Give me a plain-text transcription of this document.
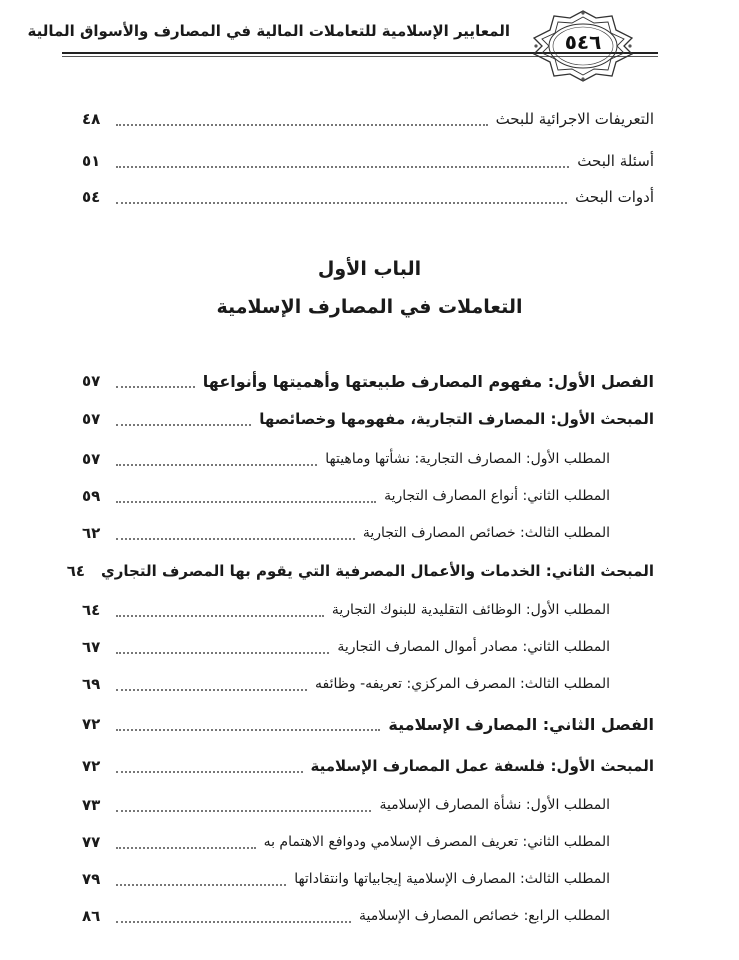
المعايير الإسلامية للتعاملات المالية في المصارف والأسواق المالية	٥٤٦
التعريفات الاجرائية للبحث
٤٨
أسئلة البحث
٥١
أدوات البحث
٥٤
الباب الأول
التعاملات في المصارف الإسلامية
الفصل الأول: مفهوم المصارف طبيعتها وأهميتها وأنواعها
٥٧
المبحث الأول: المصارف التجارية، مفهومها وخصائصها
٥٧
المطلب الأول: المصارف التجارية: نشأتها وماهيتها
٥٧
المطلب الثاني: أنواع المصارف التجارية
٥٩
المطلب الثالث: خصائص المصارف التجارية
٦٢
المبحث الثاني: الخدمات والأعمال المصرفية التي يقوم بها المصرف التجاري
٦٤
المطلب الأول: الوظائف التقليدية للبنوك التجارية
٦٤
المطلب الثاني: مصادر أموال المصارف التجارية
٦٧
المطلب الثالث: المصرف المركزي: تعريفه- وظائفه
٦٩
الفصل الثاني: المصارف الإسلامية
٧٢
المبحث الأول: فلسفة عمل المصارف الإسلامية
٧٢
المطلب الأول: نشأة المصارف الإسلامية
٧٣
المطلب الثاني: تعريف المصرف الإسلامي ودوافع الاهتمام به
٧٧
المطلب الثالث: المصارف الإسلامية إيجابياتها وانتقاداتها
٧٩
المطلب الرابع: خصائص المصارف الإسلامية
٨٦
